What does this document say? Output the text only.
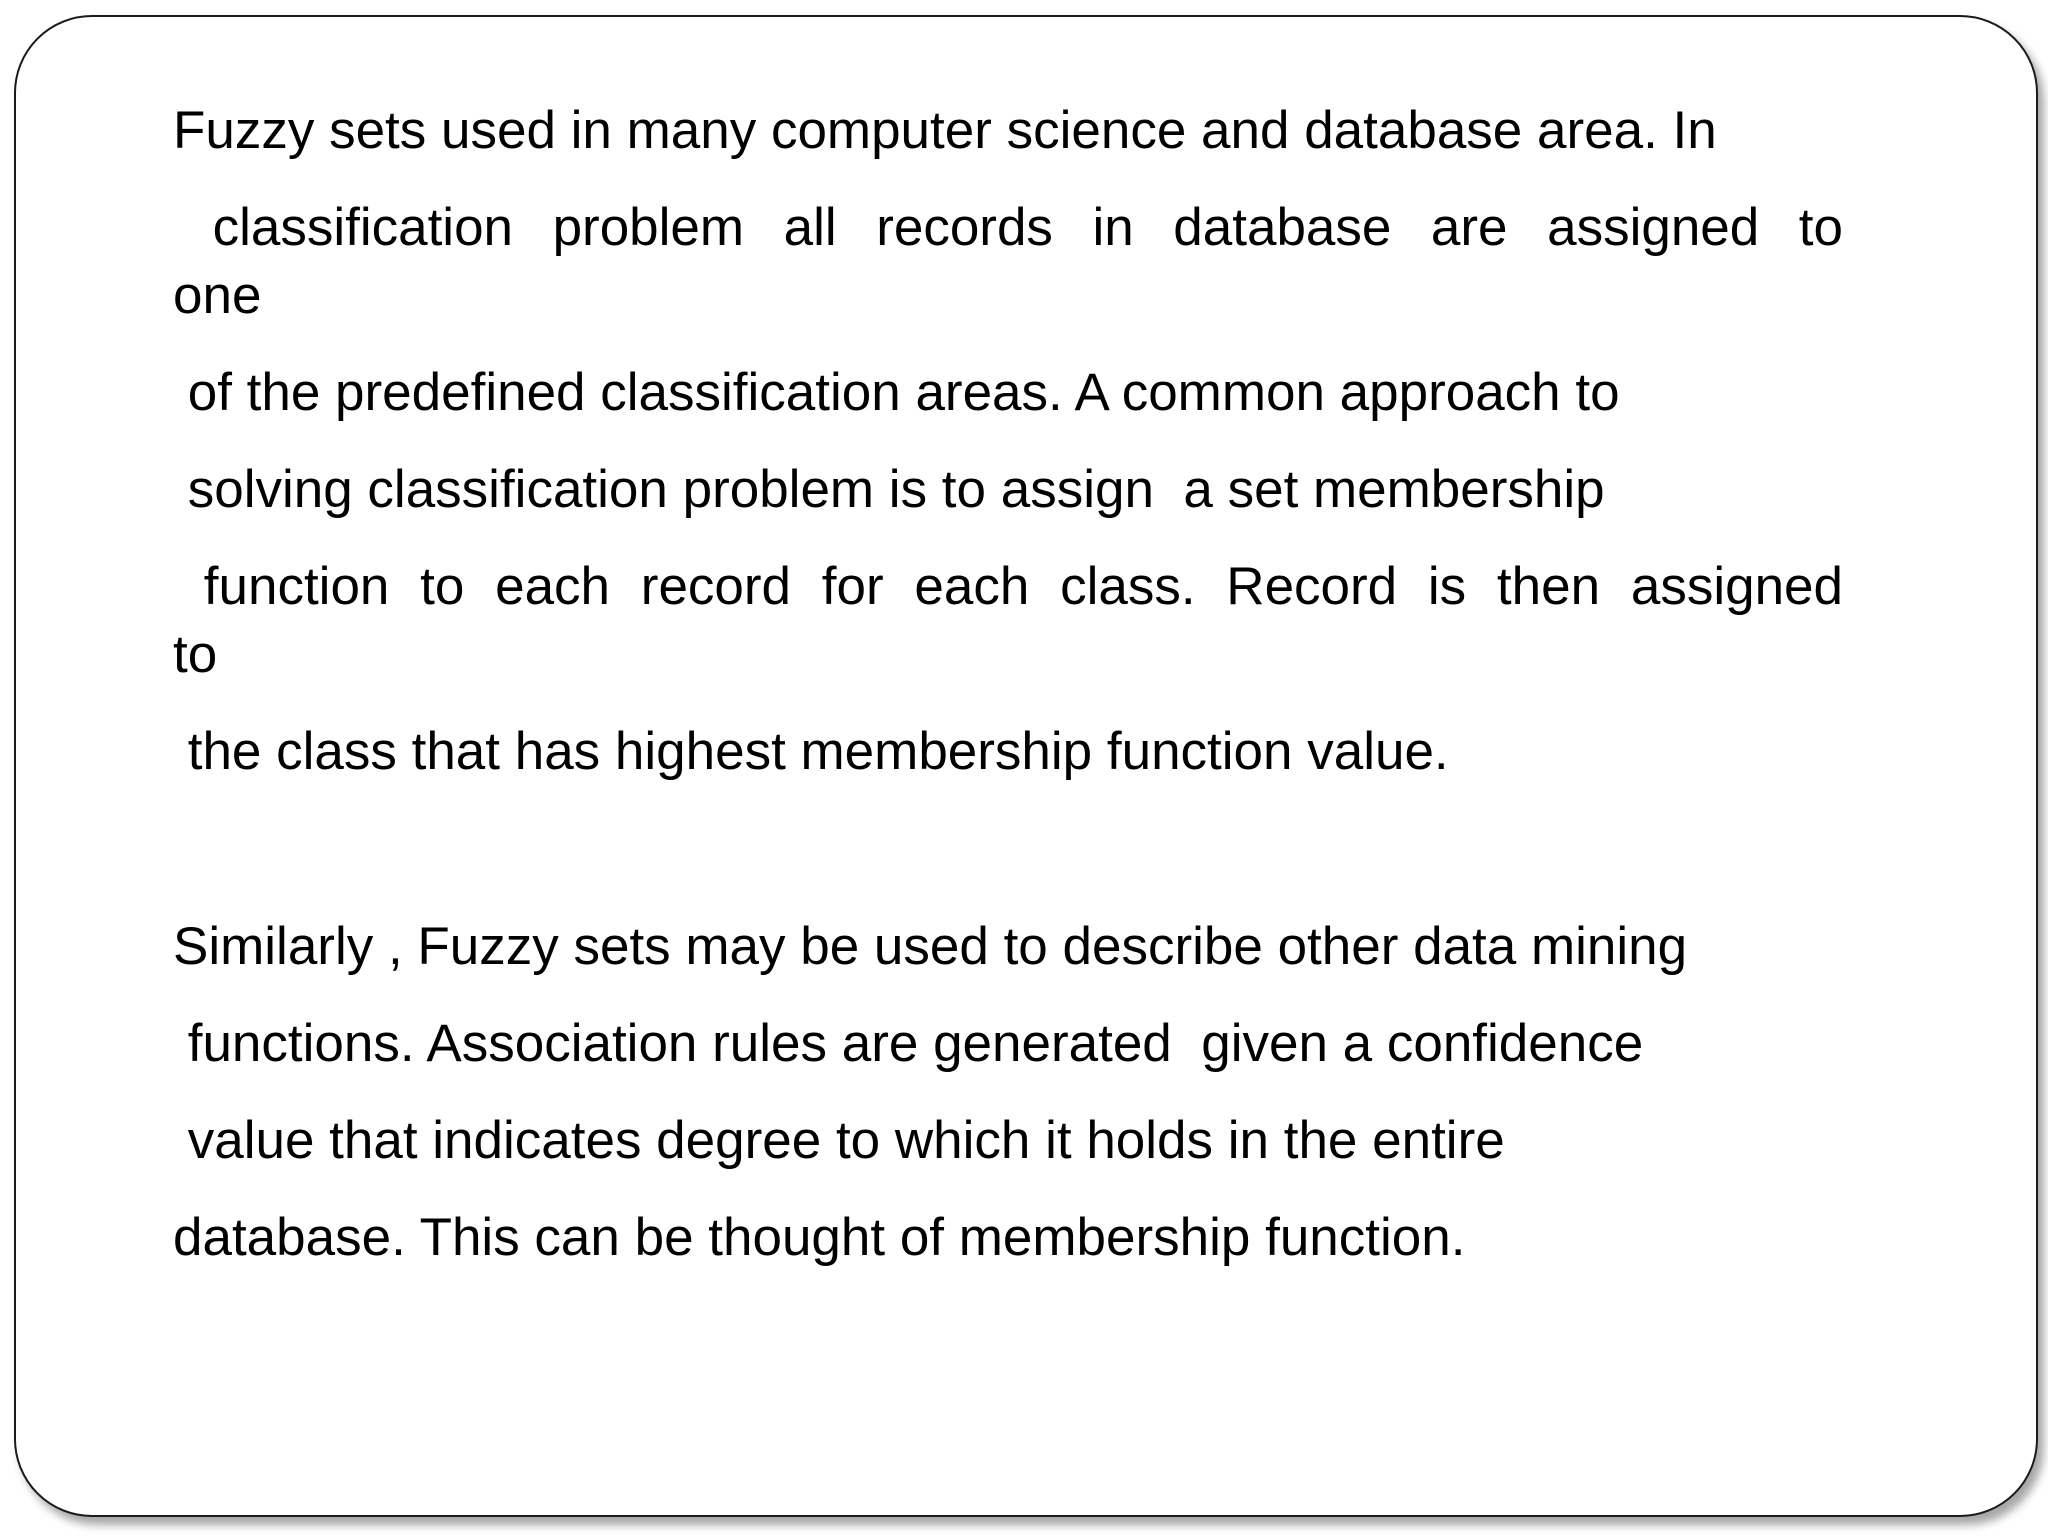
Fuzzy sets used in many computer science and database area. In
classification  problem  all  records  in  database  are  assigned  to one
of the predefined classification areas. A common approach to
solving classification problem is to assign  a set membership
function  to  each  record  for  each  class.  Record  is  then  assigned  to
the class that has highest membership function value.
Similarly , Fuzzy sets may be used to describe other data mining
functions. Association rules are generated  given a confidence
value that indicates degree to which it holds in the entire
database. This can be thought of membership function.
